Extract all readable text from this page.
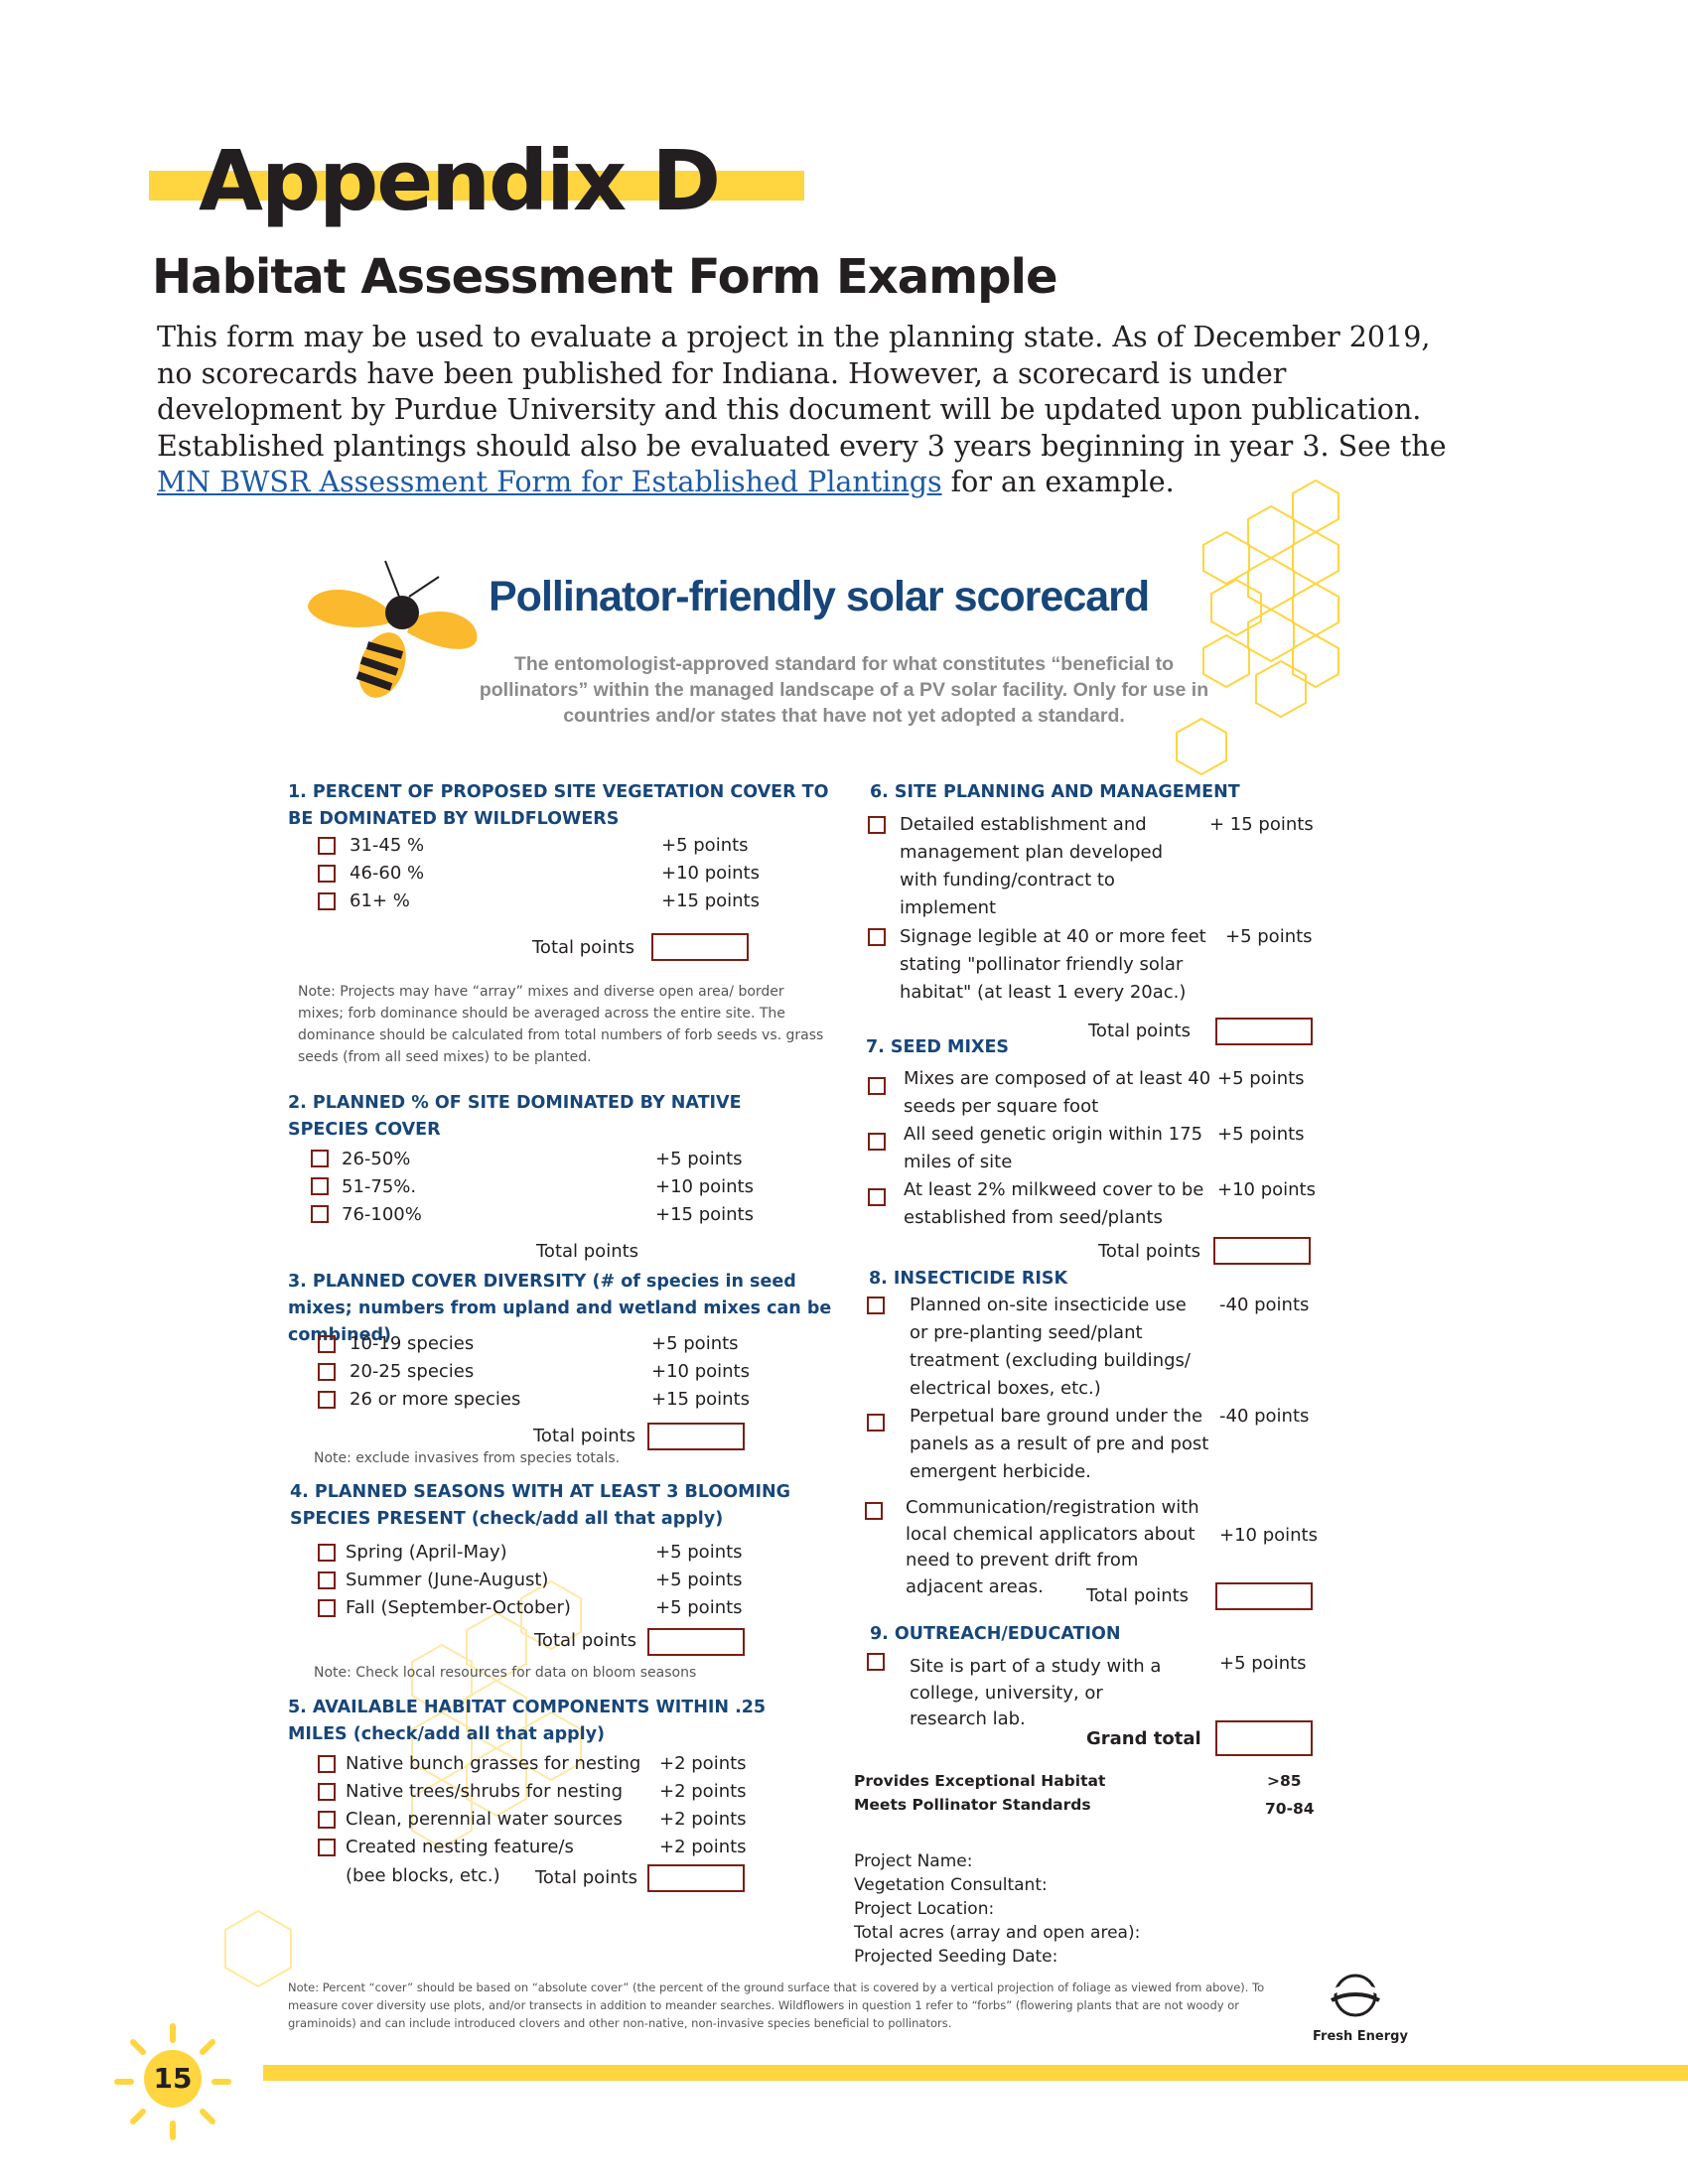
Appendix D
Habitat Assessment Form Example
This form may be used to evaluate a project in the planning state. As of December 2019, no scorecards have been published for Indiana. However, a scorecard is under development by Purdue University and this document will be updated upon publication. Established plantings should also be evaluated every 3 years beginning in year 3. See the MN BWSR Assessment Form for Established Plantings for an example.
Pollinator-friendly solar scorecard
The entomologist-approved standard for what constitutes “beneficial to pollinators” within the managed landscape of a PV solar facility. Only for use in countries and/or states that have not yet adopted a standard.
1. PERCENT OF PROPOSED SITE VEGETATION COVER TO BE DOMINATED BY WILDFLOWERS
31-45 %	+5 points
46-60 %	+10 points
61+ %	+15 points
Total points
Note: Projects may have “array” mixes and diverse open area/ border mixes; forb dominance should be averaged across the entire site. The dominance should be calculated from total numbers of forb seeds vs. grass seeds (from all seed mixes) to be planted.
2. PLANNED % OF SITE DOMINATED BY NATIVE SPECIES COVER
26-50%	+5 points
51-75%.	+10 points
76-100%	+15 points
Total points
3. PLANNED COVER DIVERSITY (# of species in seed mixes; numbers from upland and wetland mixes can be combined)
10-19 species	+5 points
20-25 species	+10 points
26 or more species	+15 points
Total points
Note: exclude invasives from species totals.
4. PLANNED SEASONS WITH AT LEAST 3 BLOOMING SPECIES PRESENT (check/add all that apply)
Spring (April-May)	+5 points
Summer (June-August)	+5 points
Fall (September-October)	+5 points
Total points
Note: Check local resources for data on bloom seasons
5. AVAILABLE HABITAT COMPONENTS WITHIN .25 MILES (check/add all that apply)
Native bunch grasses for nesting +2 points
Native trees/shrubs for nesting +2 points
Clean, perennial water sources +2 points
Created nesting feature/s	+2 points
(bee blocks, etc.) Total points
6. SITE PLANNING AND MANAGEMENT
Detailed establishment and management plan developed with funding/contract to implement
+ 15 points
Signage legible at 40 or more feet stating "pollinator friendly solar habitat" (at least 1 every 20ac.)
+5 points
Total points
7. SEED MIXES
Mixes are composed of at least 40 seeds per square foot
+5 points
All seed genetic origin within 175 miles of site
+5 points
At least 2% milkweed cover to be established from seed/plants
+10 points
Total points
8. INSECTICIDE RISK
Planned on-site insecticide use or pre-planting seed/plant treatment (excluding buildings/ electrical boxes, etc.)
-40 points
Perpetual bare ground under the panels as a result of pre and post emergent herbicide.
-40 points
Communication/registration with local chemical applicators about need to prevent drift from adjacent areas.
+10 points
Total points
9. OUTREACH/EDUCATION
Site is part of a study with a college, university, or research lab.
+5 points
Grand total
Provides Exceptional Habitat	>85
Meets Pollinator Standards	70-84
Project Name:
Vegetation Consultant:
Project Location:
Total acres (array and open area):
Projected Seeding Date:
Note: Percent “cover” should be based on “absolute cover” (the percent of the ground surface that is covered by a vertical projection of foliage as viewed from above). To measure cover diversity use plots, and/or transects in addition to meander searches. Wildflowers in question 1 refer to “forbs” (flowering plants that are not woody or graminoids) and can include introduced clovers and other non-native, non-invasive species beneficial to pollinators.
Fresh Energy
15
